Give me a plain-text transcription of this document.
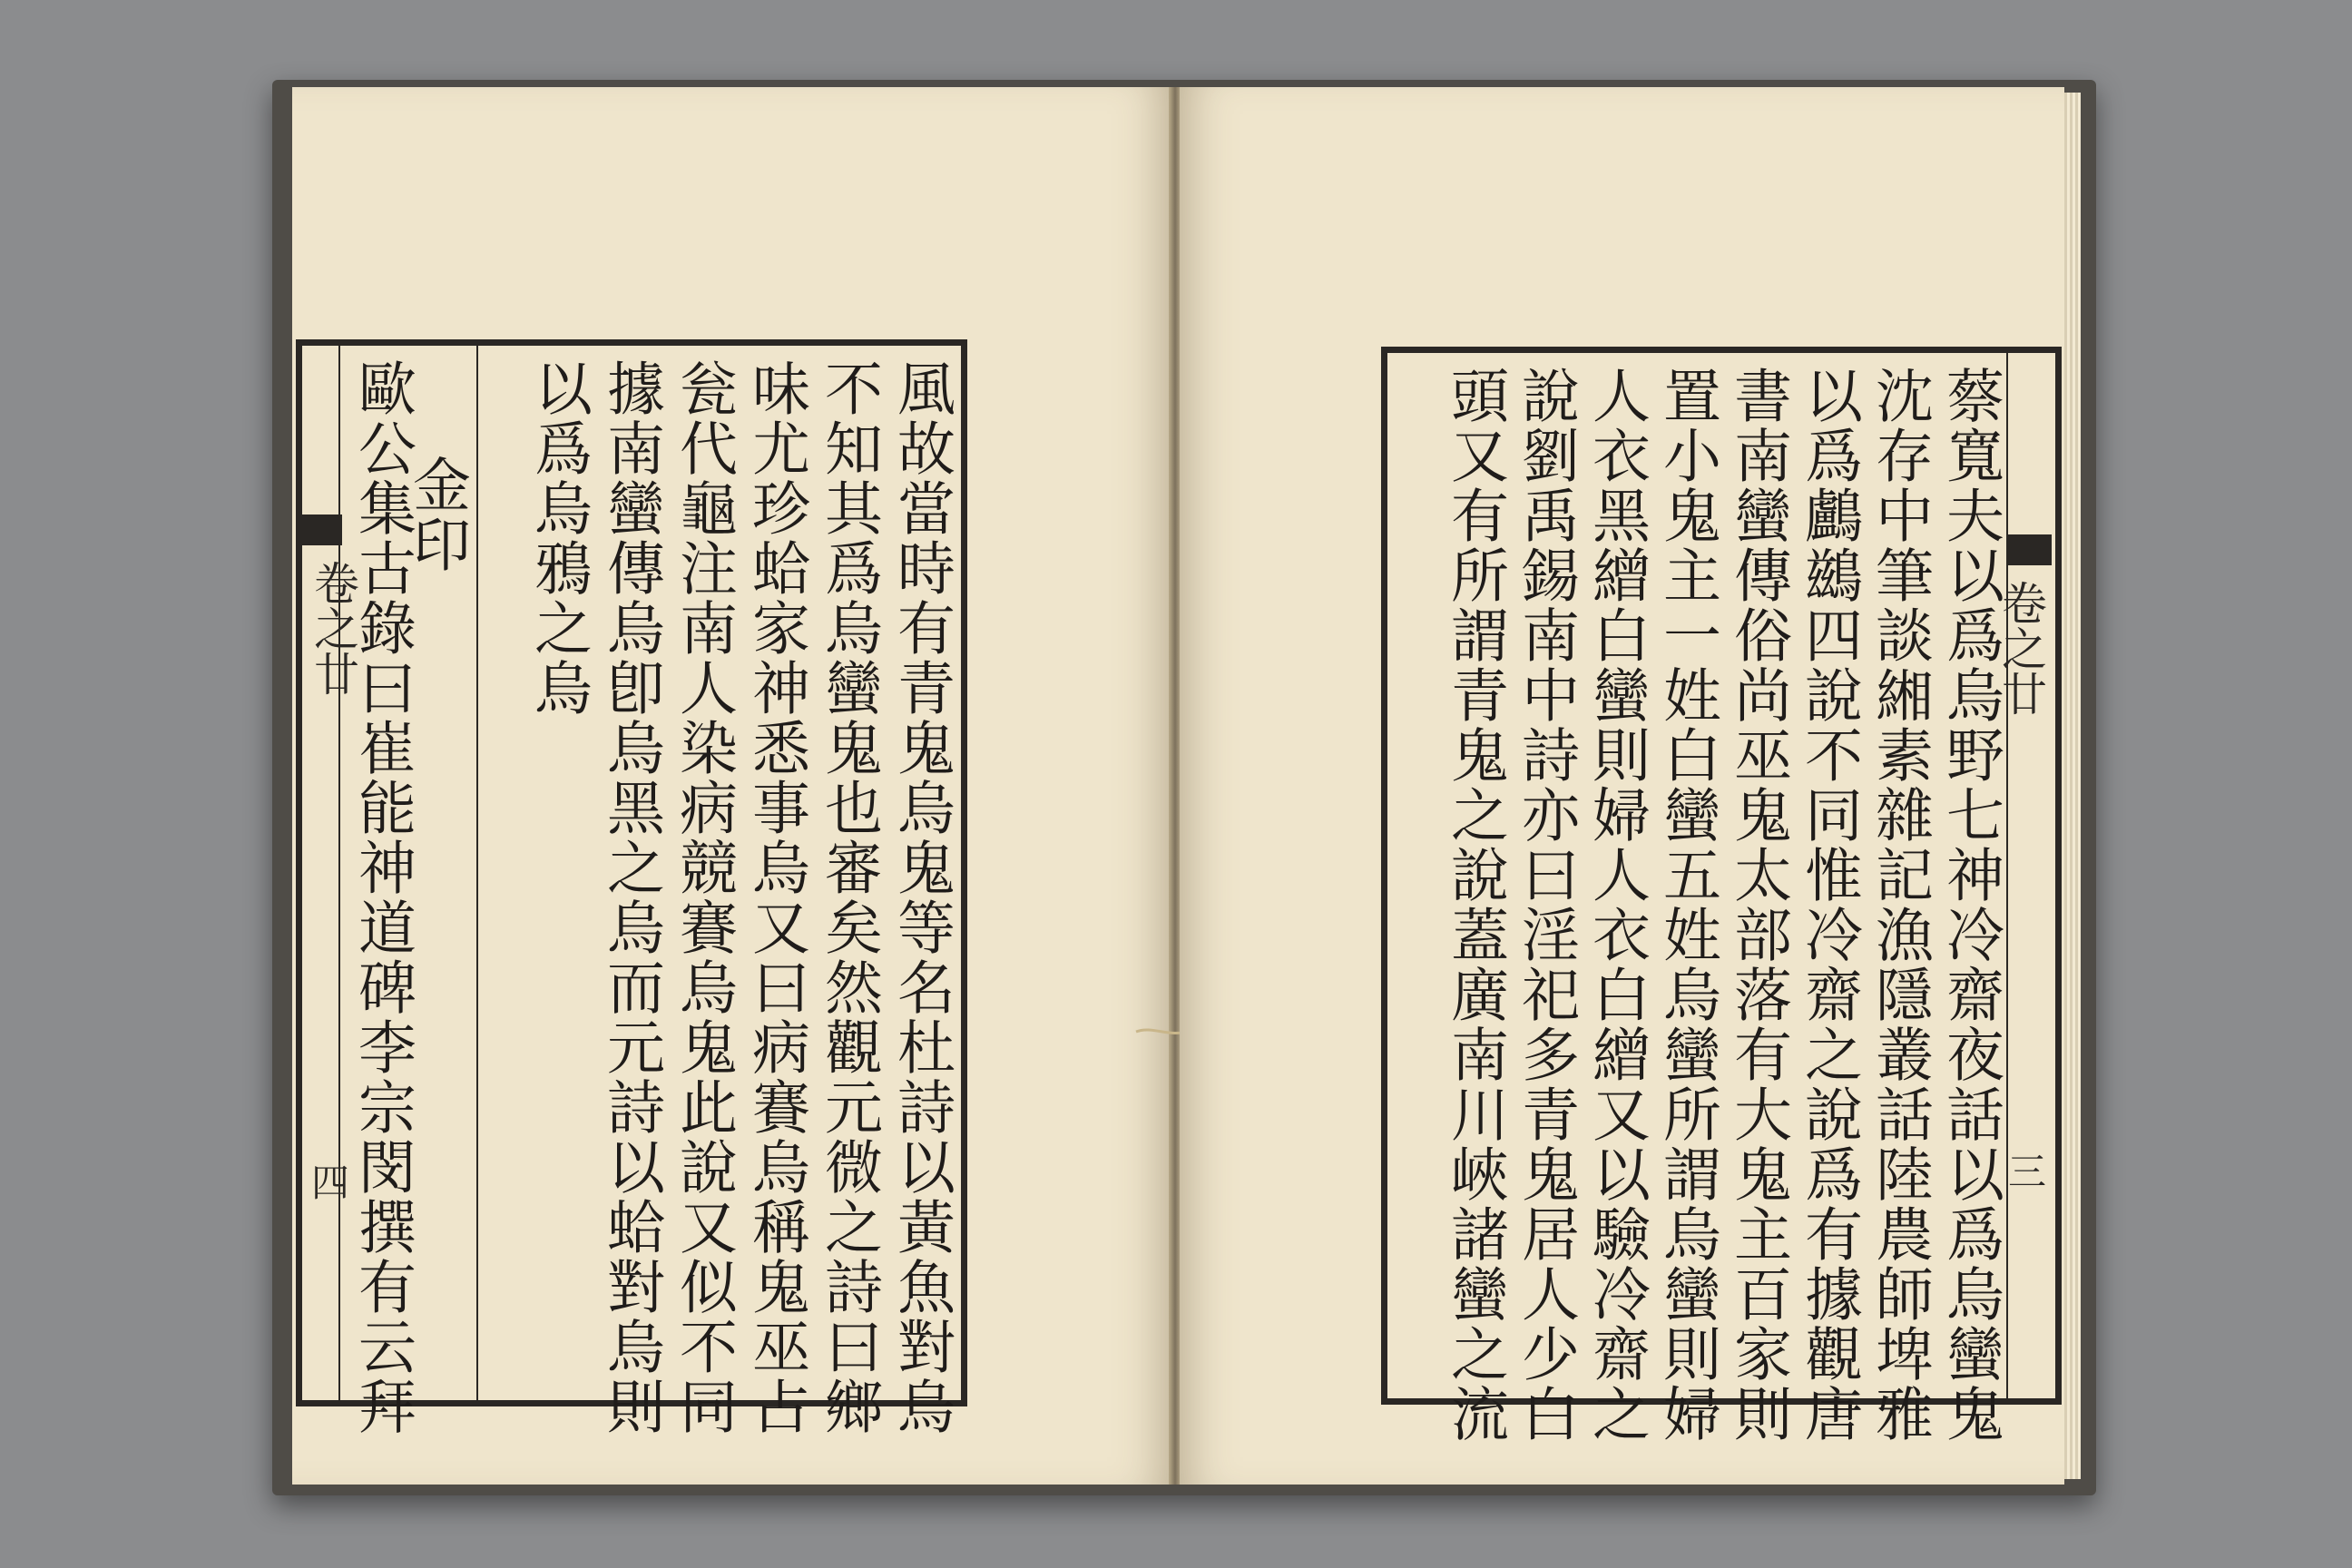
卷之廿
四	風故當時有青鬼烏鬼等名杜詩以黃魚對烏
不知其爲烏蠻鬼也審矣然觀元微之詩曰鄉
味尤珍蛤家神悉事烏又曰病賽烏稱鬼巫占
瓮代龜注南人染病競賽烏鬼此說又似不同
據南蠻傳烏卽烏黑之烏而元詩以蛤對烏則
以爲烏鴉之烏
金印
歐公集古錄曰崔能神道碑李宗閔撰有云拜	卷之廿
三
蔡寬夫以爲烏野七神冷齋夜話以爲烏蠻鬼
沈存中筆談緗素雜記漁隱叢話陸農師埤雅
以爲鸕鷀四說不同惟冷齋之說爲有據觀唐
書南蠻傳俗尚巫鬼太部落有大鬼主百家則
置小鬼主一姓白蠻五姓烏蠻所謂烏蠻則婦
人衣黑繒白蠻則婦人衣白繒又以驗冷齋之
說劉禹錫南中詩亦曰淫祀多青鬼居人少白
頭又有所謂青鬼之說蓋廣南川峽諸蠻之流
